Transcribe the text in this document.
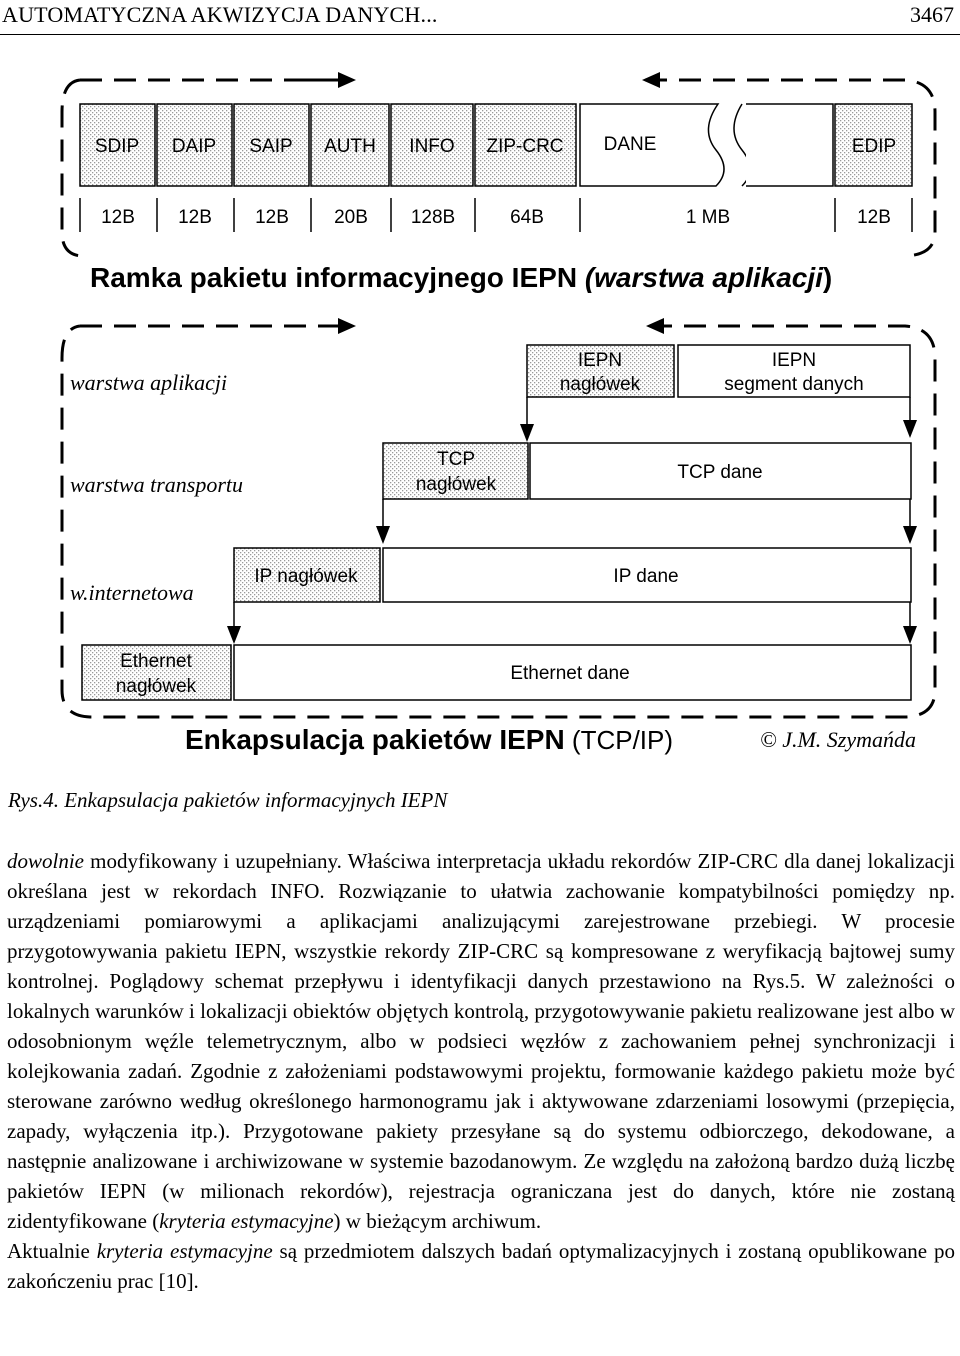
AUTOMATYCZNA AKWIZYCJA DANYCH...	3467
SDIP DAIP SAIP AUTH INFO ZIP-CRC DANE	EDIP
12B 12B 12B 20B 128B	64B	1 MB	12B
Ramka pakietu informacyjnego IEPN (warstwa aplikacji)
warstwa aplikacji
warstwa transportu
w.internetowa
IEPN
nagłówek
IEPN
segment danych
TCP
nagłówek
TCP dane
IP nagłówek	IP dane
Ethernet
nagłówek
Ethernet dane
Enkapsulacja pakietów IEPN (TCP/IP)	© J.M. Szymańda
Rys.4. Enkapsulacja pakietów informacyjnych IEPN

dowolnie modyfikowany i uzupełniany. Właściwa interpretacja układu rekordów ZIP-CRC dla danej lokalizacji określana jest w rekordach INFO. Rozwiązanie to ułatwia zachowanie kompatybilności pomiędzy np. urządzeniami pomiarowymi a aplikacjami analizującymi zarejestrowane przebiegi. W procesie przygotowywania pakietu IEPN, wszystkie rekordy ZIP-CRC są kompresowane z weryfikacją bajtowej sumy kontrolnej. Poglądowy schemat przepływu i identyfikacji danych przestawiono na Rys.5. W zależności o lokalnych warunków i lokalizacji obiektów objętych kontrolą, przygotowywanie pakietu realizowane jest albo w odosobnionym węźle telemetrycznym, albo w podsieci węzłów z zachowaniem pełnej synchronizacji i kolejkowania zadań. Zgodnie z założeniami podstawowymi projektu, formowanie każdego pakietu może być sterowane zarówno według określonego harmonogramu jak i aktywowane zdarzeniami losowymi (przepięcia, zapady, wyłączenia itp.). Przygotowane pakiety przesyłane są do systemu odbiorczego, dekodowane, a następnie analizowane i archiwizowane w systemie bazodanowym. Ze względu na założoną bardzo dużą liczbę pakietów IEPN (w milionach rekordów), rejestracja ograniczana jest do danych, które nie zostaną zidentyfikowane (kryteria estymacyjne) w bieżącym archiwum.

Aktualnie kryteria estymacyjne są przedmiotem dalszych badań optymalizacyjnych i zostaną opublikowane po zakończeniu prac [10].
